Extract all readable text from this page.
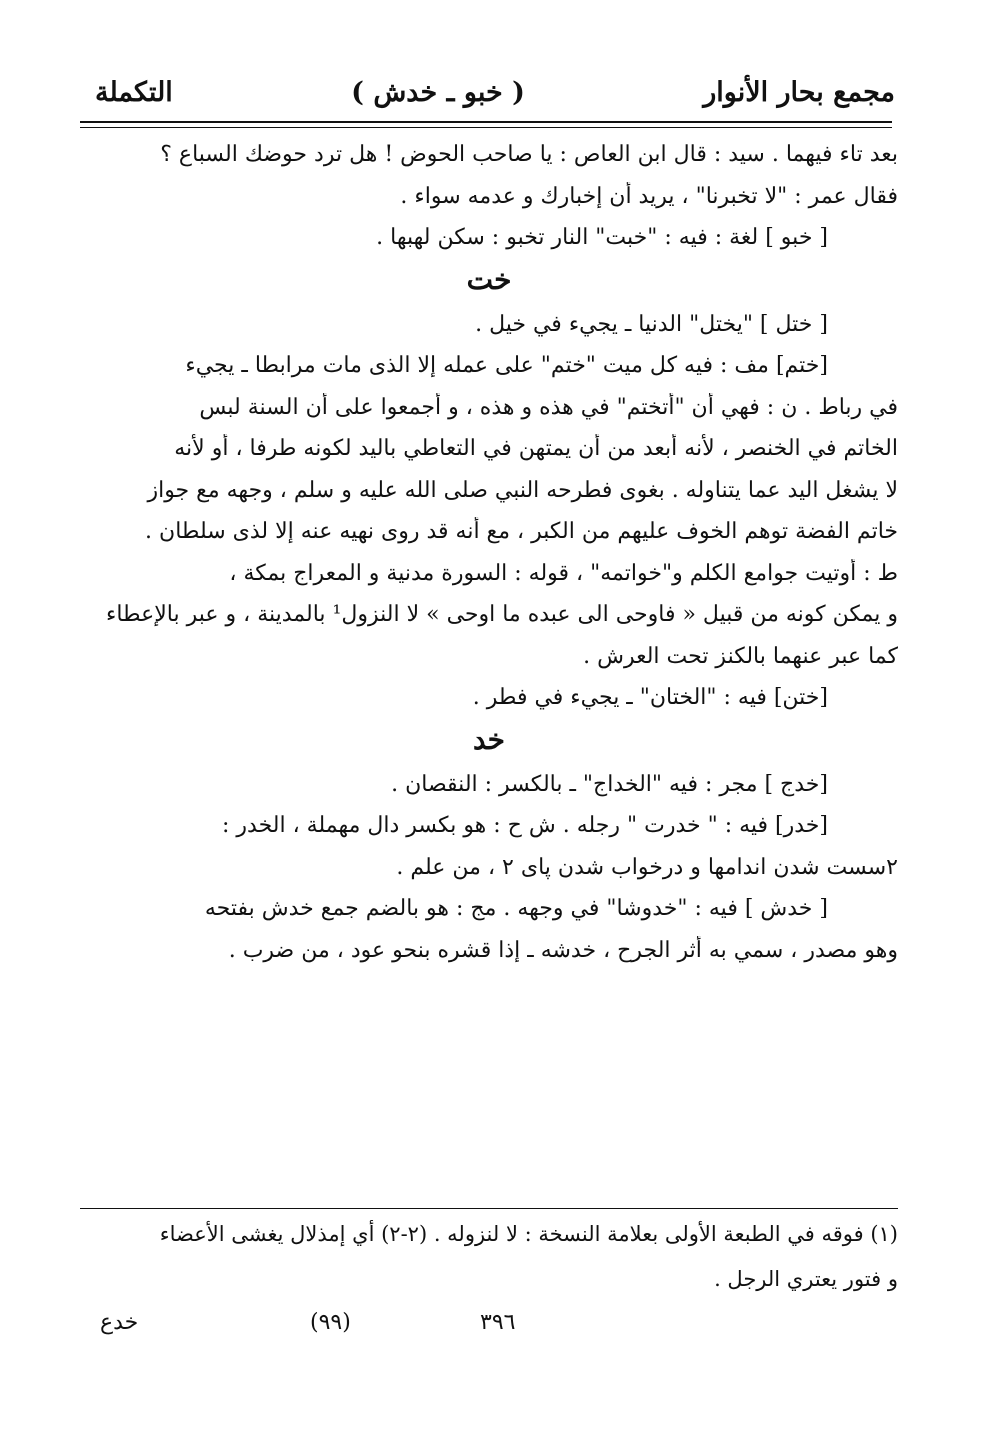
مجمع بحار الأنوار
( خبو ـ خدش )
التكملة
بعد تاء فيهما . سيد : قال ابن العاص : يا صاحب الحوض ! هل ترد حوضك السباع ؟
فقال عمر : "لا تخبرنا" ، يريد أن إخبارك و عدمه سواء .
[ خبو ] لغة : فيه : "خبت" النار تخبو : سكن لهبها .
خت
[ ختل ] "يختل" الدنيا ـ يجيء في خيل .
[ختم] مف : فيه كل ميت "ختم" على عمله إلا الذى مات مرابطا ـ يجيء
في رباط . ن : فهي أن "أتختم" في هذه و هذه ، و أجمعوا على أن السنة لبس
الخاتم في الخنصر ، لأنه أبعد من أن يمتهن في التعاطي باليد لكونه طرفا ، أو لأنه
لا يشغل اليد عما يتناوله . بغوى فطرحه النبي صلى الله عليه و سلم ، وجهه مع جواز
خاتم الفضة توهم الخوف عليهم من الكبر ، مع أنه قد روى نهيه عنه إلا لذى سلطان .
ط : أوتيت جوامع الكلم و"خواتمه" ، قوله : السورة مدنية و المعراج بمكة ،
و يمكن كونه من قبيل « فاوحى الى عبده ما اوحى » لا النزول¹ بالمدينة ، و عبر بالإعطاء
كما عبر عنهما بالكنز تحت العرش .
[ختن] فيه : "الختان" ـ يجيء في فطر .
خد
[خدج ] مجر : فيه "الخداج" ـ بالكسر : النقصان .
[خدر] فيه : " خدرت " رجله . ش ح : هو بكسر دال مهملة ، الخدر :
٢سست شدن اندامها و درخواب شدن پای ٢ ، من علم .
[ خدش ] فيه : "خدوشا" في وجهه . مج : هو بالضم جمع خدش بفتحه
وهو مصدر ، سمي به أثر الجرح ، خدشه ـ إذا قشره بنحو عود ، من ضرب .
(١) فوقه في الطبعة الأولى بعلامة النسخة : لا لنزوله . (٢-٢) أي إمذلال يغشى الأعضاء
و فتور يعتري الرجل .
٣٩٦
(٩٩)
خدع
